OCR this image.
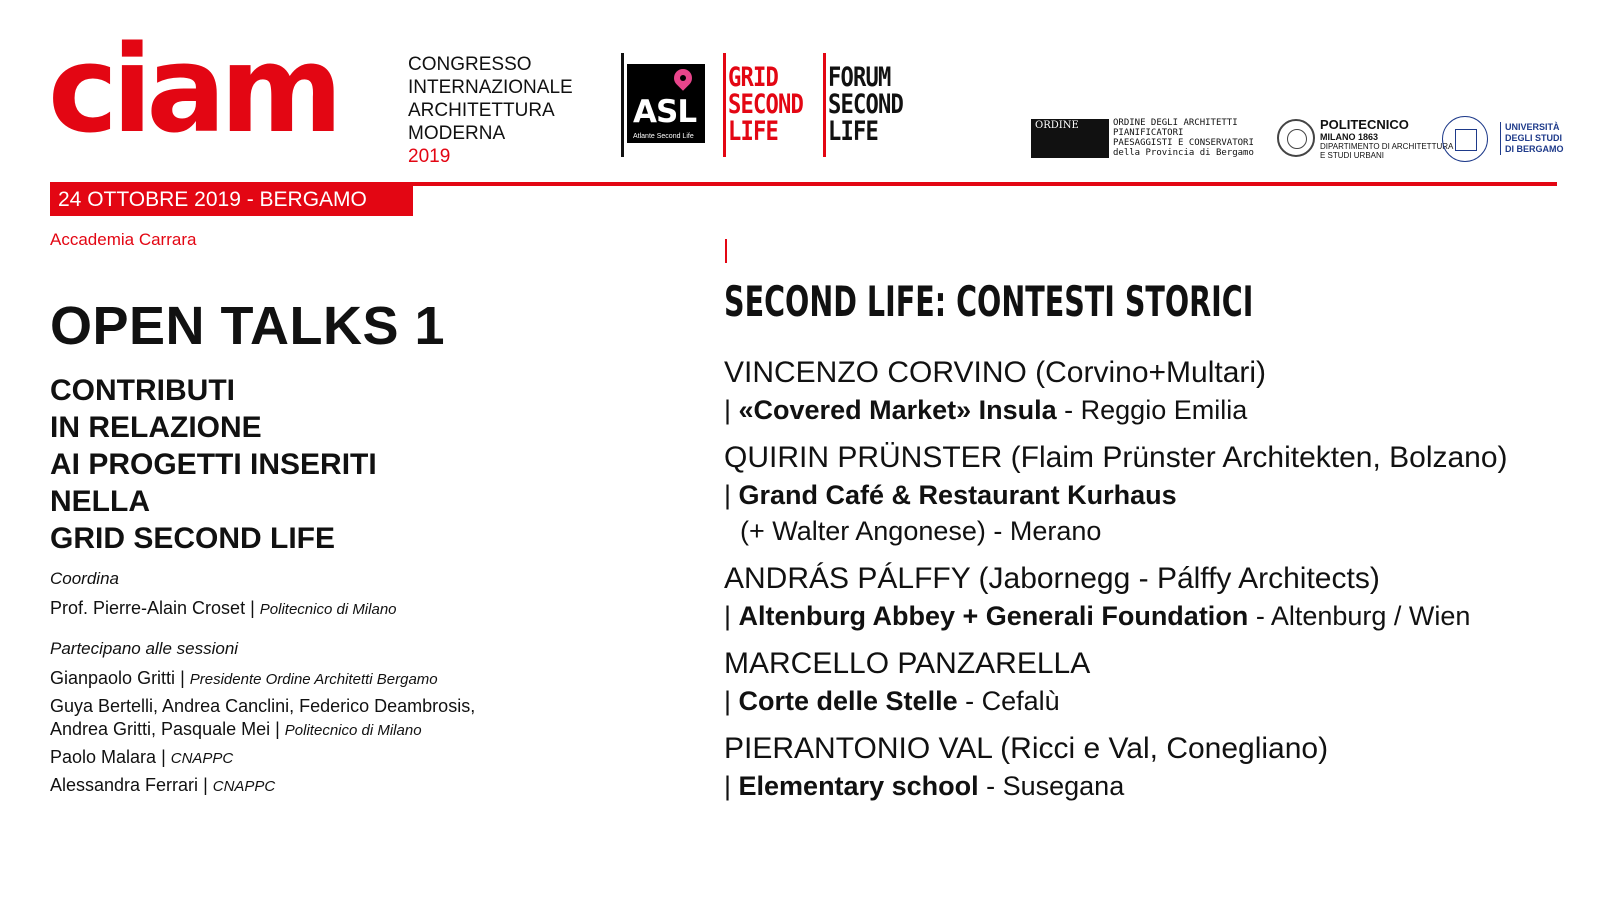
ciam	CONGRESSO
INTERNAZIONALE
ARCHITETTURA
MODERNA
2019
ASL
Atlante Second Life
GRID
SECOND
LIFE
FORUM
SECOND
LIFE	ORDINE	ORDINE DEGLI ARCHITETTI
PIANIFICATORI
PAESAGGISTI E CONSERVATORI
della Provincia di Bergamo
POLITECNICO
MILANO 1863
DIPARTIMENTO DI ARCHITETTURA
E STUDI URBANI
UNIVERSITÀ
DEGLI STUDI
DI BERGAMO
24 OTTOBRE 2019 - BERGAMO
Accademia Carrara
OPEN TALKS 1
CONTRIBUTI
IN RELAZIONE
AI PROGETTI INSERITI
NELLA
GRID SECOND LIFE
Coordina
Prof. Pierre-Alain Croset | Politecnico di Milano
Partecipano alle sessioni
Gianpaolo Gritti | Presidente Ordine Architetti Bergamo
Guya Bertelli, Andrea Canclini, Federico Deambrosis,
Andrea Gritti, Pasquale Mei | Politecnico di Milano
Paolo Malara | CNAPPC
Alessandra Ferrari | CNAPPC
SECOND LIFE: CONTESTI STORICI
VINCENZO CORVINO (Corvino+Multari)
| «Covered Market» Insula - Reggio Emilia
QUIRIN PRÜNSTER (Flaim Prünster Architekten, Bolzano)
| Grand Café & Restaurant Kurhaus
(+ Walter Angonese) - Merano
ANDRÁS PÁLFFY (Jabornegg - Pálffy Architects)
| Altenburg Abbey + Generali Foundation - Altenburg / Wien
MARCELLO PANZARELLA
| Corte delle Stelle - Cefalù
PIERANTONIO VAL (Ricci e Val, Conegliano)
| Elementary school - Susegana
